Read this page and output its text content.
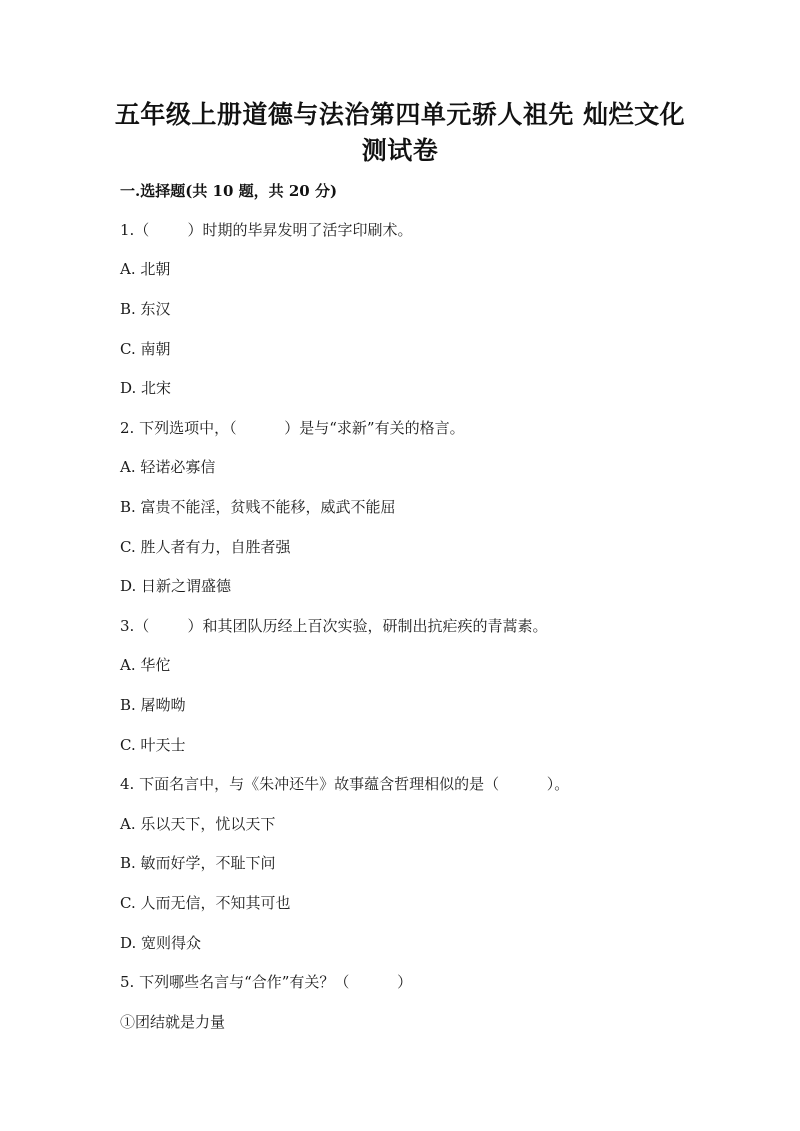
五年级上册道德与法治第四单元骄人祖先 灿烂文化
测试卷
一.选择题(共 10 题，共 20 分)
1.（        ）时期的毕昇发明了活字印刷术。
A. 北朝
B. 东汉
C. 南朝
D. 北宋
2. 下列选项中，（          ）是与“求新”有关的格言。
A. 轻诺必寡信
B. 富贵不能淫，贫贱不能移，威武不能屈
C. 胜人者有力，自胜者强
D. 日新之谓盛德
3.（        ）和其团队历经上百次实验，研制出抗疟疾的青蒿素。
A. 华佗
B. 屠呦呦
C. 叶天士
4. 下面名言中，与《朱冲还牛》故事蕴含哲理相似的是（          ）。
A. 乐以天下，忧以天下
B. 敏而好学，不耻下问
C. 人而无信，不知其可也
D. 宽则得众
5. 下列哪些名言与“合作”有关？（          ）
①团结就是力量
